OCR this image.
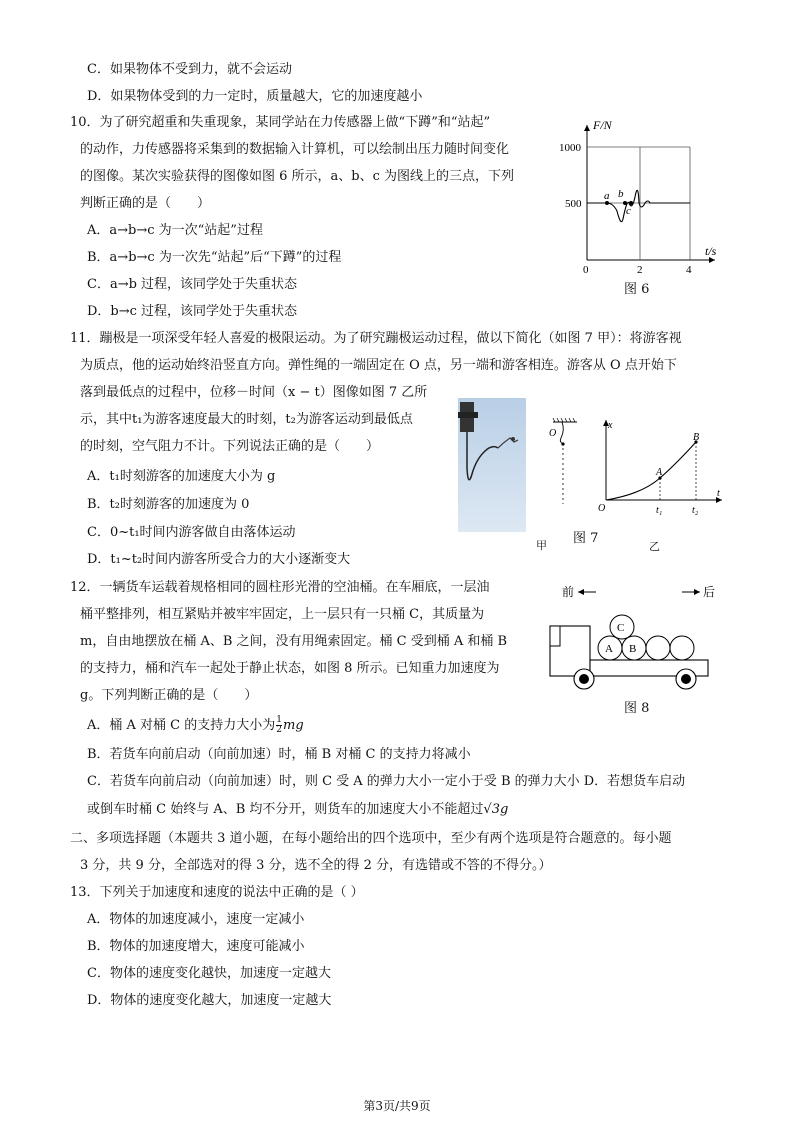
C．如果物体不受到力，就不会运动
D．如果物体受到的力一定时，质量越大，它的加速度越小
10．为了研究超重和失重现象，某同学站在力传感器上做“下蹲”和“站起”
的动作，力传感器将采集到的数据输入计算机，可以绘制出压力随时间变化
的图像。某次实验获得的图像如图 6 所示，a、b、c 为图线上的三点，下列
判断正确的是（　　）
A．a→b→c 为一次“站起”过程
B．a→b→c 为一次先“站起”后“下蹲”的过程
C．a→b 过程，该同学处于失重状态
D．b→c 过程，该同学处于失重状态
a b
c
F/N
t/s
1000
500
0	2	4
图 6
11．蹦极是一项深受年轻人喜爱的极限运动。为了研究蹦极运动过程，做以下简化（如图 7 甲）：将游客视
为质点，他的运动始终沿竖直方向。弹性绳的一端固定在 O 点，另一端和游客相连。游客从 O 点开始下
落到最低点的过程中，位移－时间（x − t）图像如图 7 乙所
示，其中t₁为游客速度最大的时刻，t₂为游客运动到最低点
的时刻，空气阻力不计。下列说法正确的是（　　）
A．t₁时刻游客的加速度大小为 g
B．t₂时刻游客的加速度为 0
C．0~t₁时间内游客做自由落体运动
D．t₁~t₂时间内游客所受合力的大小逐渐变大
甲
O
A
B
x
t
O	t₁	t₂
图 7
乙
12．一辆货车运载着规格相同的圆柱形光滑的空油桶。在车厢底，一层油
桶平整排列，相互紧贴并被牢牢固定，上一层只有一只桶 C，其质量为
m，自由地摆放在桶 A、B 之间，没有用绳索固定。桶 C 受到桶 A 和桶 B
的支持力，桶和汽车一起处于静止状态，如图 8 所示。已知重力加速度为
g。下列判断正确的是（　　）
A．桶 A 对桶 C 的支持力大小为 $\frac{1}{2}$ mg
B．若货车向前启动（向前加速）时，桶 B 对桶 C 的支持力将减小
C．若货车向前启动（向前加速）时，则 C 受 A 的弹力大小一定小于受 B 的弹力大小 D．若想货车启动
或倒车时桶 C 始终与 A、B 均不分开，则货车的加速度大小不能超过√3g
前	后
C
A B
图 8
二、多项选择题（本题共 3 道小题，在每小题给出的四个选项中，至少有两个选项是符合题意的。每小题
3 分，共 9 分，全部选对的得 3 分，选不全的得 2 分，有选错或不答的不得分。）
13．下列关于加速度和速度的说法中正确的是（ ）
A．物体的加速度减小，速度一定减小
B．物体的加速度增大，速度可能减小
C．物体的速度变化越快，加速度一定越大
D．物体的速度变化越大，加速度一定越大
第3页/共9页
